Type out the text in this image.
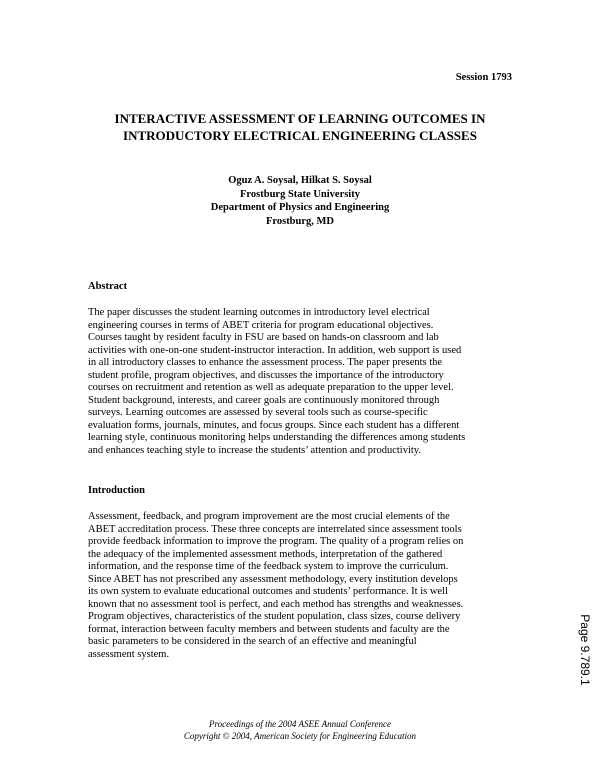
Session 1793
INTERACTIVE ASSESSMENT OF LEARNING OUTCOMES IN
INTRODUCTORY ELECTRICAL ENGINEERING CLASSES
Oguz A. Soysal, Hilkat S. Soysal
Frostburg State University
Department of Physics and Engineering
Frostburg, MD
Abstract

The paper discusses the student learning outcomes in introductory level electrical
engineering courses in terms of ABET criteria for program educational objectives.
Courses taught by resident faculty in FSU are based on hands-on classroom and lab
activities with one-on-one student-instructor interaction. In addition, web support is used
in all introductory classes to enhance the assessment process. The paper presents the
student profile, program objectives, and discusses the importance of the introductory
courses on recruitment and retention as well as adequate preparation to the upper level.
Student background, interests, and career goals are continuously monitored through
surveys. Learning outcomes are assessed by several tools such as course-specific
evaluation forms, journals, minutes, and focus groups. Since each student has a different
learning style, continuous monitoring helps understanding the differences among students
and enhances teaching style to increase the students’ attention and productivity.

Introduction

Assessment, feedback, and program improvement are the most crucial elements of the
ABET accreditation process. These three concepts are interrelated since assessment tools
provide feedback information to improve the program. The quality of a program relies on
the adequacy of the implemented assessment methods, interpretation of the gathered
information, and the response time of the feedback system to improve the curriculum.
Since ABET has not prescribed any assessment methodology, every institution develops
its own system to evaluate educational outcomes and students’ performance. It is well
known that no assessment tool is perfect, and each method has strengths and weaknesses.
Program objectives, characteristics of the student population, class sizes, course delivery
format, interaction between faculty members and between students and faculty are the
basic parameters to be considered in the search of an effective and meaningful
assessment system.

Proceedings of the 2004 ASEE Annual Conference
Copyright © 2004, American Society for Engineering Education
Page 9.789.1
